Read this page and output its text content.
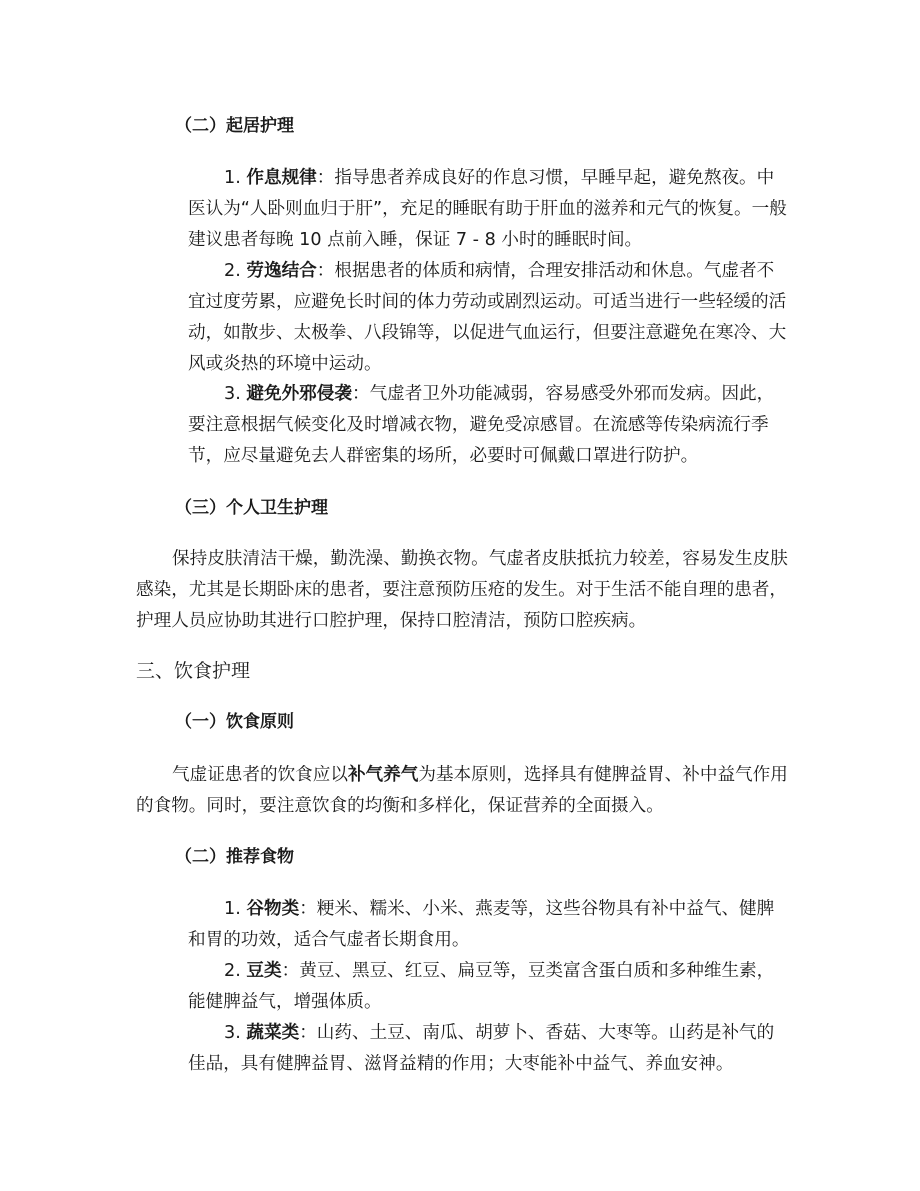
（二）起居护理
1. 作息规律：指导患者养成良好的作息习惯，早睡早起，避免熬夜。中医认为“人卧则血归于肝”，充足的睡眠有助于肝血的滋养和元气的恢复。一般建议患者每晚 10 点前入睡，保证 7 - 8 小时的睡眠时间。
2. 劳逸结合：根据患者的体质和病情，合理安排活动和休息。气虚者不宜过度劳累，应避免长时间的体力劳动或剧烈运动。可适当进行一些轻缓的活动，如散步、太极拳、八段锦等，以促进气血运行，但要注意避免在寒冷、大风或炎热的环境中运动。
3. 避免外邪侵袭：气虚者卫外功能减弱，容易感受外邪而发病。因此，要注意根据气候变化及时增减衣物，避免受凉感冒。在流感等传染病流行季节，应尽量避免去人群密集的场所，必要时可佩戴口罩进行防护。
（三）个人卫生护理
保持皮肤清洁干燥，勤洗澡、勤换衣物。气虚者皮肤抵抗力较差，容易发生皮肤感染，尤其是长期卧床的患者，要注意预防压疮的发生。对于生活不能自理的患者，护理人员应协助其进行口腔护理，保持口腔清洁，预防口腔疾病。
三、饮食护理
（一）饮食原则
气虚证患者的饮食应以补气养气为基本原则，选择具有健脾益胃、补中益气作用的食物。同时，要注意饮食的均衡和多样化，保证营养的全面摄入。
（二）推荐食物
1. 谷物类：粳米、糯米、小米、燕麦等，这些谷物具有补中益气、健脾和胃的功效，适合气虚者长期食用。
2. 豆类：黄豆、黑豆、红豆、扁豆等，豆类富含蛋白质和多种维生素，能健脾益气，增强体质。
3. 蔬菜类：山药、土豆、南瓜、胡萝卜、香菇、大枣等。山药是补气的佳品，具有健脾益胃、滋肾益精的作用；大枣能补中益气、养血安神。
